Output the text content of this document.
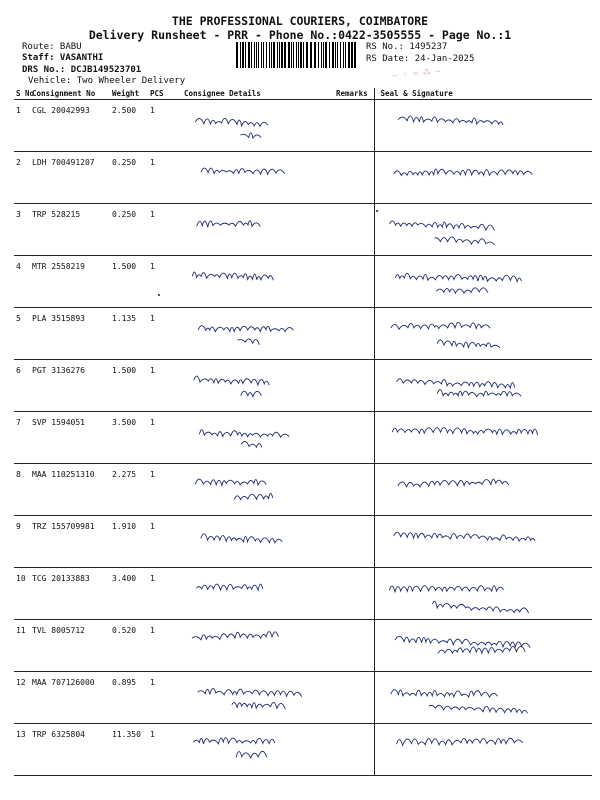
THE PROFESSIONAL COURIERS, COIMBATORE
Delivery Runsheet - PRR - Phone No.:0422-3505555 - Page No.:1
Route: BABU
Staff: VASANTHI
DRS No.: DCJB149523701
Vehicle: Two Wheeler Delivery
RS No.: 1495237
RS Date: 24-Jan-2025
~ ⁘ ≈ ⁂ ~
S No	Consignment No	Weight	PCS	Consignee Details	Remarks	Seal & Signature
1	CGL 20042993	2.500	1	

2	LDH 700491207	0.250	1	

3	TRP 528215	0.250	1	

4	MTR 2558219	1.500	1	

5	PLA 3515893	1.135	1	

6	PGT 3136276	1.500	1	

7	SVP 1594051	3.500	1	

8	MAA 110251310	2.275	1	

9	TRZ 155709981	1.910	1	

10	TCG 20133883	3.400	1	

11	TVL 8005712	0.520	1	

12	MAA 707126000	0.895	1	

13	TRP 6325804	11.350	1	
